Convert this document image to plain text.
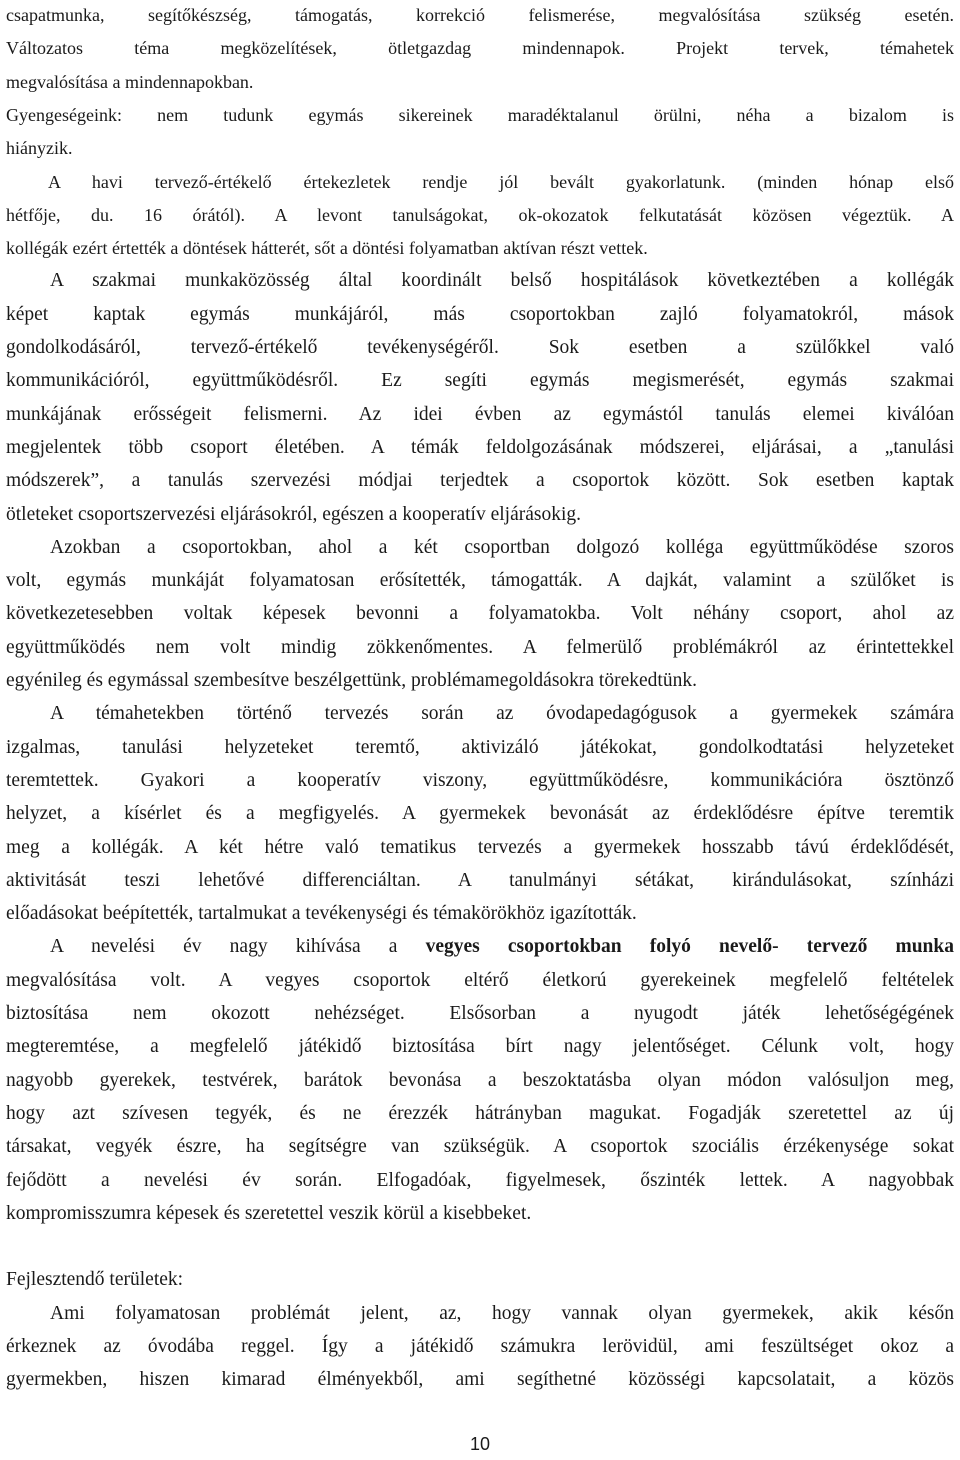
csapatmunka, segítőkészség, támogatás, korrekció felismerése, megvalósítása szükség esetén.
Változatos téma megközelítések, ötletgazdag mindennapok. Projekt tervek, témahetek
megvalósítása a mindennapokban.
Gyengeségeink: nem tudunk egymás sikereinek maradéktalanul örülni, néha a bizalom is
hiányzik.
A havi tervező-értékelő értekezletek rendje jól bevált gyakorlatunk. (minden hónap első
hétfője, du. 16 órától). A levont tanulságokat, ok-okozatok felkutatását közösen végeztük. A
kollégák ezért értették a döntések hátterét, sőt a döntési folyamatban aktívan részt vettek.
A szakmai munkaközösség által koordinált belső hospitálások következtében a kollégák
képet kaptak egymás munkájáról, más csoportokban zajló folyamatokról, mások
gondolkodásáról, tervező-értékelő tevékenységéről. Sok esetben a szülőkkel való
kommunikációról, együttműködésről. Ez segíti egymás megismerését, egymás szakmai
munkájának erősségeit felismerni. Az idei évben az egymástól tanulás elemei kiválóan
megjelentek több csoport életében. A témák feldolgozásának módszerei, eljárásai, a „tanulási
módszerek”, a tanulás szervezési módjai terjedtek a csoportok között. Sok esetben kaptak
ötleteket csoportszervezési eljárásokról, egészen a kooperatív eljárásokig.
Azokban a csoportokban, ahol a két csoportban dolgozó kolléga együttműködése szoros
volt, egymás munkáját folyamatosan erősítették, támogatták. A dajkát, valamint a szülőket is
következetesebben voltak képesek bevonni a folyamatokba. Volt néhány csoport, ahol az
együttműködés nem volt mindig zökkenőmentes. A felmerülő problémákról az érintettekkel
egyénileg és egymással szembesítve beszélgettünk, problémamegoldásokra törekedtünk.
A témahetekben történő tervezés során az óvodapedagógusok a gyermekek számára
izgalmas, tanulási helyzeteket teremtő, aktivizáló játékokat, gondolkodtatási helyzeteket
teremtettek. Gyakori a kooperatív viszony, együttműködésre, kommunikációra ösztönző
helyzet, a kísérlet és a megfigyelés. A gyermekek bevonását az érdeklődésre építve teremtik
meg a kollégák. A két hétre való tematikus tervezés a gyermekek hosszabb távú érdeklődését,
aktivitását teszi lehetővé differenciáltan. A tanulmányi sétákat, kirándulásokat, színházi
előadásokat beépítették, tartalmukat a tevékenységi és témakörökhöz igazították.
A nevelési év nagy kihívása a vegyes csoportokban folyó nevelő- tervező munka
megvalósítása volt. A vegyes csoportok eltérő életkorú gyerekeinek megfelelő feltételek
biztosítása nem okozott nehézséget. Elsősorban a nyugodt játék lehetőségégének
megteremtése, a megfelelő játékidő biztosítása bírt nagy jelentőséget. Célunk volt, hogy
nagyobb gyerekek, testvérek, barátok bevonása a beszoktatásba olyan módon valósuljon meg,
hogy azt szívesen tegyék, és ne érezzék hátrányban magukat. Fogadják szeretettel az új
társakat, vegyék észre, ha segítségre van szükségük. A csoportok szociális érzékenysége sokat
fejődött a nevelési év során. Elfogadóak, figyelmesek, őszinték lettek. A nagyobbak
kompromisszumra képesek és szeretettel veszik körül a kisebbeket.
Fejlesztendő területek:
Ami folyamatosan problémát jelent, az, hogy vannak olyan gyermekek, akik későn
érkeznek az óvodába reggel. Így a játékidő számukra lerövidül, ami feszültséget okoz a
gyermekben, hiszen kimarad élményekből, ami segíthetné közösségi kapcsolatait, a közös
10
